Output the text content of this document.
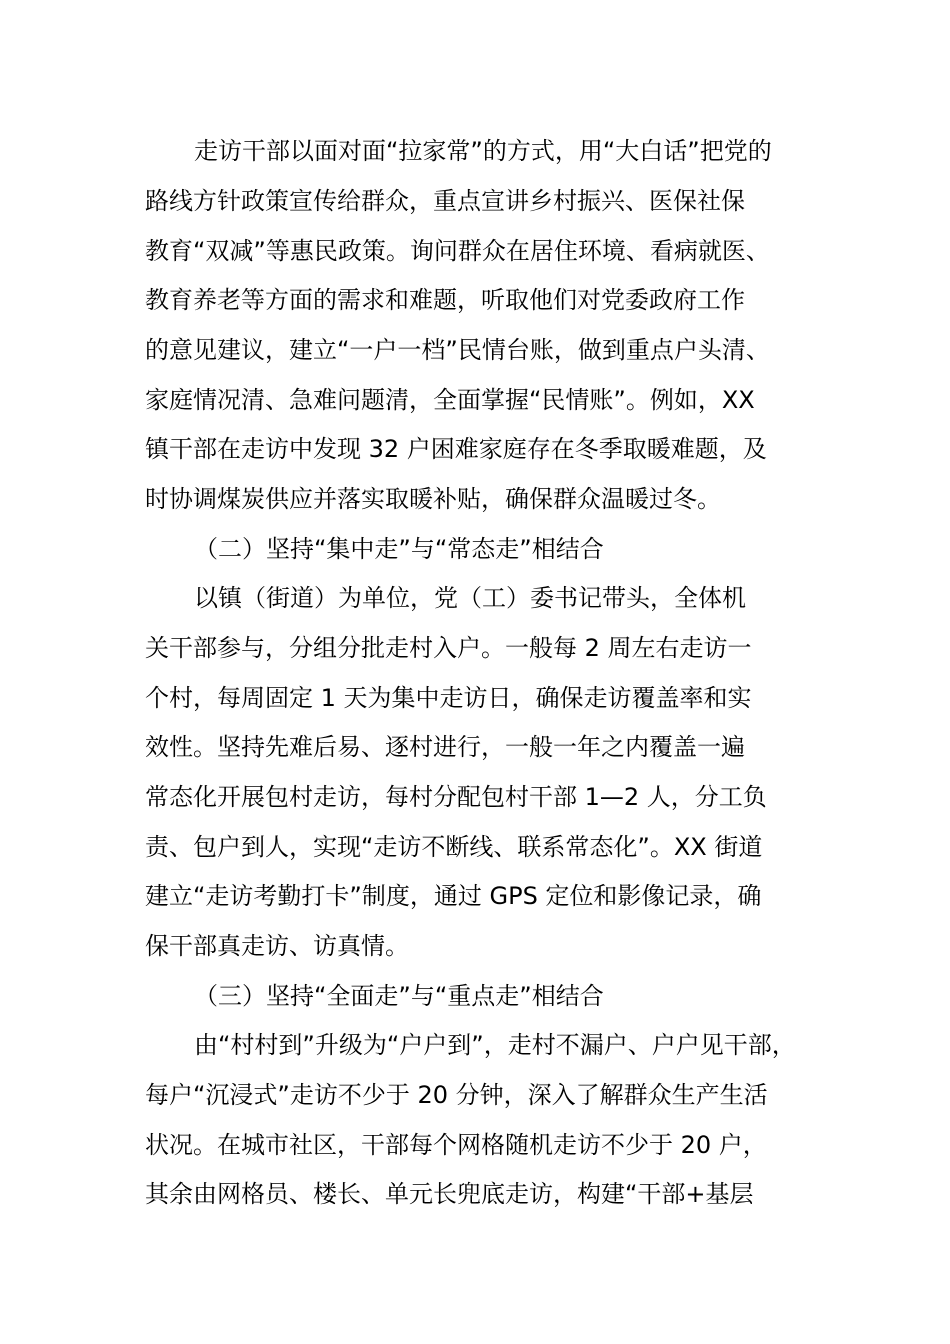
走访干部以面对面“拉家常”的方式，用“大白话”把党的
路线方针政策宣传给群众，重点宣讲乡村振兴、医保社保
教育“双减”等惠民政策。询问群众在居住环境、看病就医、
教育养老等方面的需求和难题，听取他们对党委政府工作
的意见建议，建立“一户一档”民情台账，做到重点户头清、
家庭情况清、急难问题清，全面掌握“民情账”。例如，XX
镇干部在走访中发现 32 户困难家庭存在冬季取暖难题，及
时协调煤炭供应并落实取暖补贴，确保群众温暖过冬。
（二）坚持“集中走”与“常态走”相结合
以镇（街道）为单位，党（工）委书记带头，全体机
关干部参与，分组分批走村入户。一般每 2 周左右走访一
个村，每周固定 1 天为集中走访日，确保走访覆盖率和实
效性。坚持先难后易、逐村进行，一般一年之内覆盖一遍
常态化开展包村走访，每村分配包村干部 1—2 人，分工负
责、包户到人，实现“走访不断线、联系常态化”。XX 街道
建立“走访考勤打卡”制度，通过 GPS 定位和影像记录，确
保干部真走访、访真情。
（三）坚持“全面走”与“重点走”相结合
由“村村到”升级为“户户到”，走村不漏户、户户见干部，
每户“沉浸式”走访不少于 20 分钟，深入了解群众生产生活
状况。在城市社区，干部每个网格随机走访不少于 20 户，
其余由网格员、楼长、单元长兜底走访，构建“干部+基层
